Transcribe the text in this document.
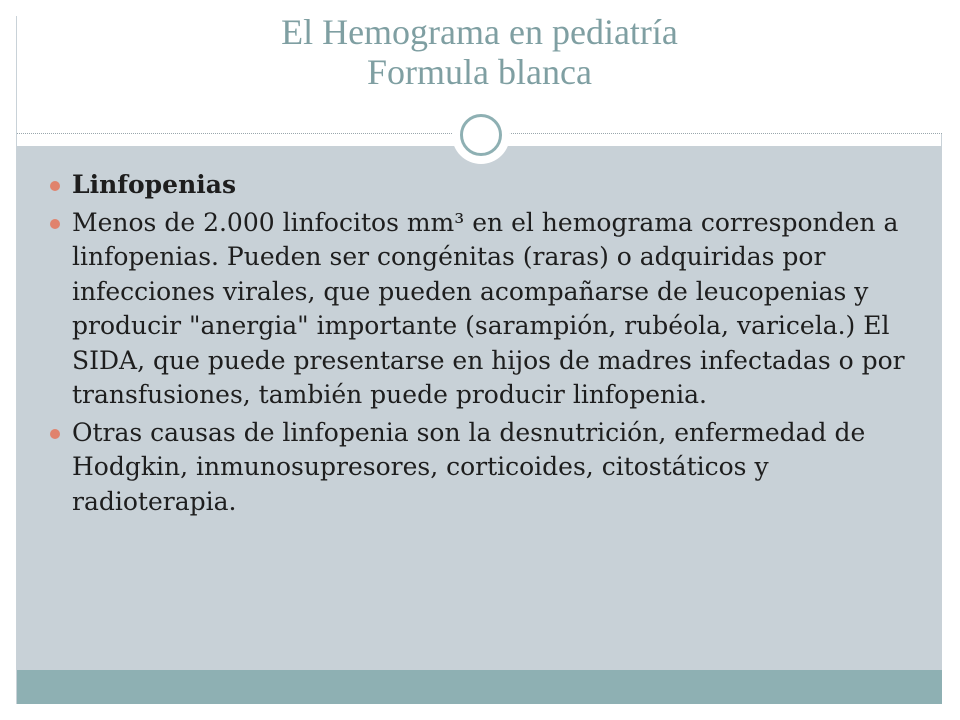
El Hemograma en pediatría
Formula blanca
Linfopenias
Menos de 2.000 linfocitos mm³ en el hemograma corresponden a linfopenias. Pueden ser congénitas (raras) o adquiridas por infecciones virales, que pueden acompañarse de leucopenias y producir "anergia" importante (sarampión, rubéola, varicela.) El SIDA, que puede presentarse en hijos de madres infectadas o por transfusiones, también puede producir linfopenia.
Otras causas de linfopenia son la desnutrición, enfermedad de Hodgkin, inmunosupresores, corticoides, citostáticos y radioterapia.
